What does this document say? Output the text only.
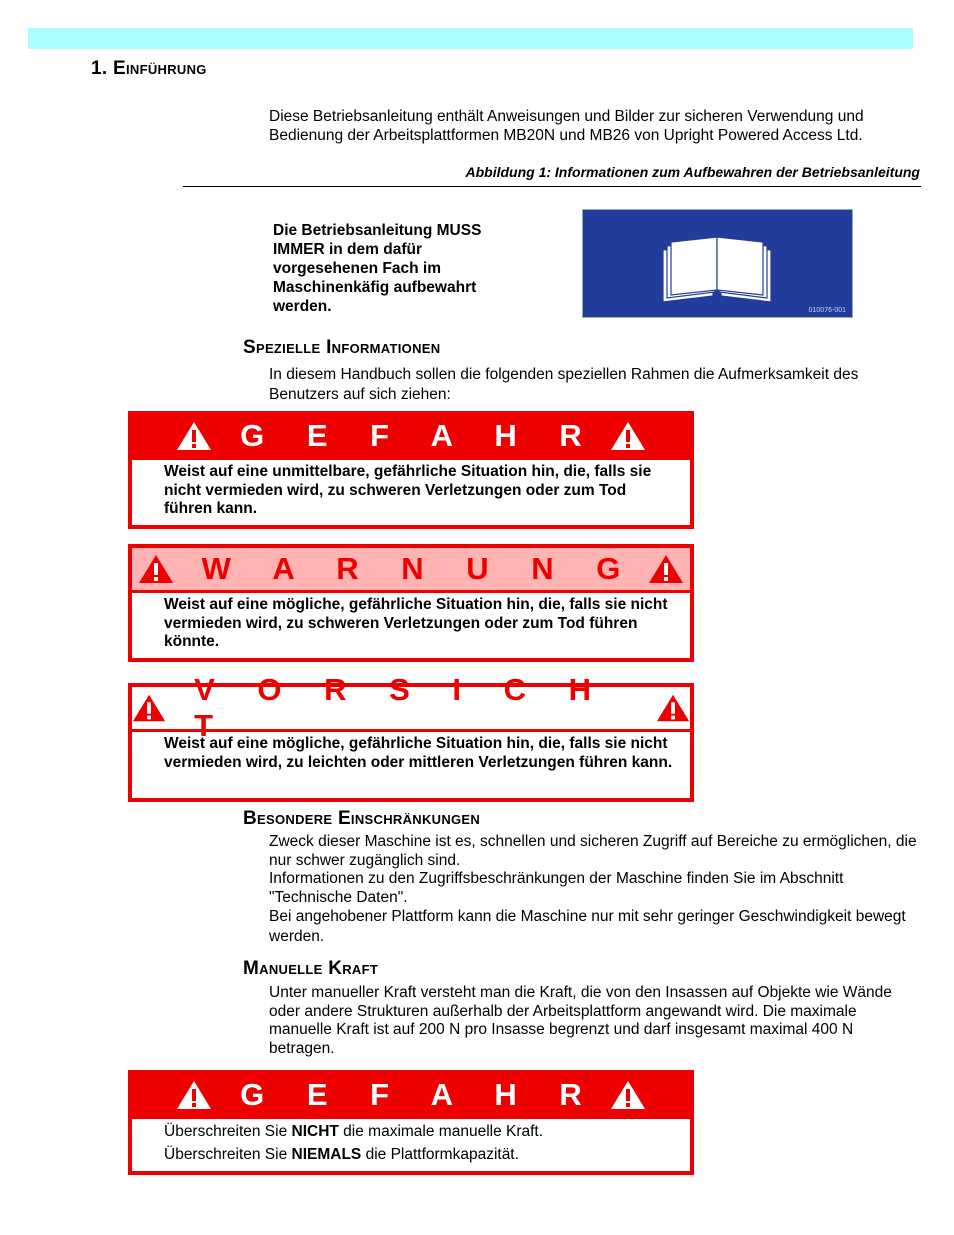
1. Einführung

Diese Betriebsanleitung enthält Anweisungen und Bilder zur sicheren Verwendung und Bedienung der Arbeitsplattformen MB20N und MB26 von Upright Powered Access Ltd.

Abbildung 1: Informationen zum Aufbewahren der Betriebsanleitung
Die Betriebsanleitung MUSS IMMER in dem dafür vorgesehenen Fach im Maschinenkäfig aufbewahrt werden.	010076-001
Spezielle Informationen

In diesem Handbuch sollen die folgenden speziellen Rahmen die Aufmerksamkeit des Benutzers auf sich ziehen:

G E F A H R
Weist auf eine unmittelbare, gefährliche Situation hin, die, falls sie nicht vermieden wird, zu schweren Verletzungen oder zum Tod führen kann.
W A R N U N G
Weist auf eine mögliche, gefährliche Situation hin, die, falls sie nicht vermieden wird, zu schweren Verletzungen oder zum Tod führen könnte.
V O R S I C H T
Weist auf eine mögliche, gefährliche Situation hin, die, falls sie nicht vermieden wird, zu leichten oder mittleren Verletzungen führen kann.
Besondere Einschränkungen

Zweck dieser Maschine ist es, schnellen und sicheren Zugriff auf Bereiche zu ermöglichen, die nur schwer zugänglich sind.

Informationen zu den Zugriffsbeschränkungen der Maschine finden Sie im Abschnitt "Technische Daten".

Bei angehobener Plattform kann die Maschine nur mit sehr geringer Geschwindigkeit bewegt werden.

Manuelle Kraft

Unter manueller Kraft versteht man die Kraft, die von den Insassen auf Objekte wie Wände oder andere Strukturen außerhalb der Arbeitsplattform angewandt wird. Die maximale manuelle Kraft ist auf 200 N pro Insasse begrenzt und darf insgesamt maximal 400 N betragen.

G E F A H R
Überschreiten Sie NICHT die maximale manuelle Kraft.
Überschreiten Sie NIEMALS die Plattformkapazität.
